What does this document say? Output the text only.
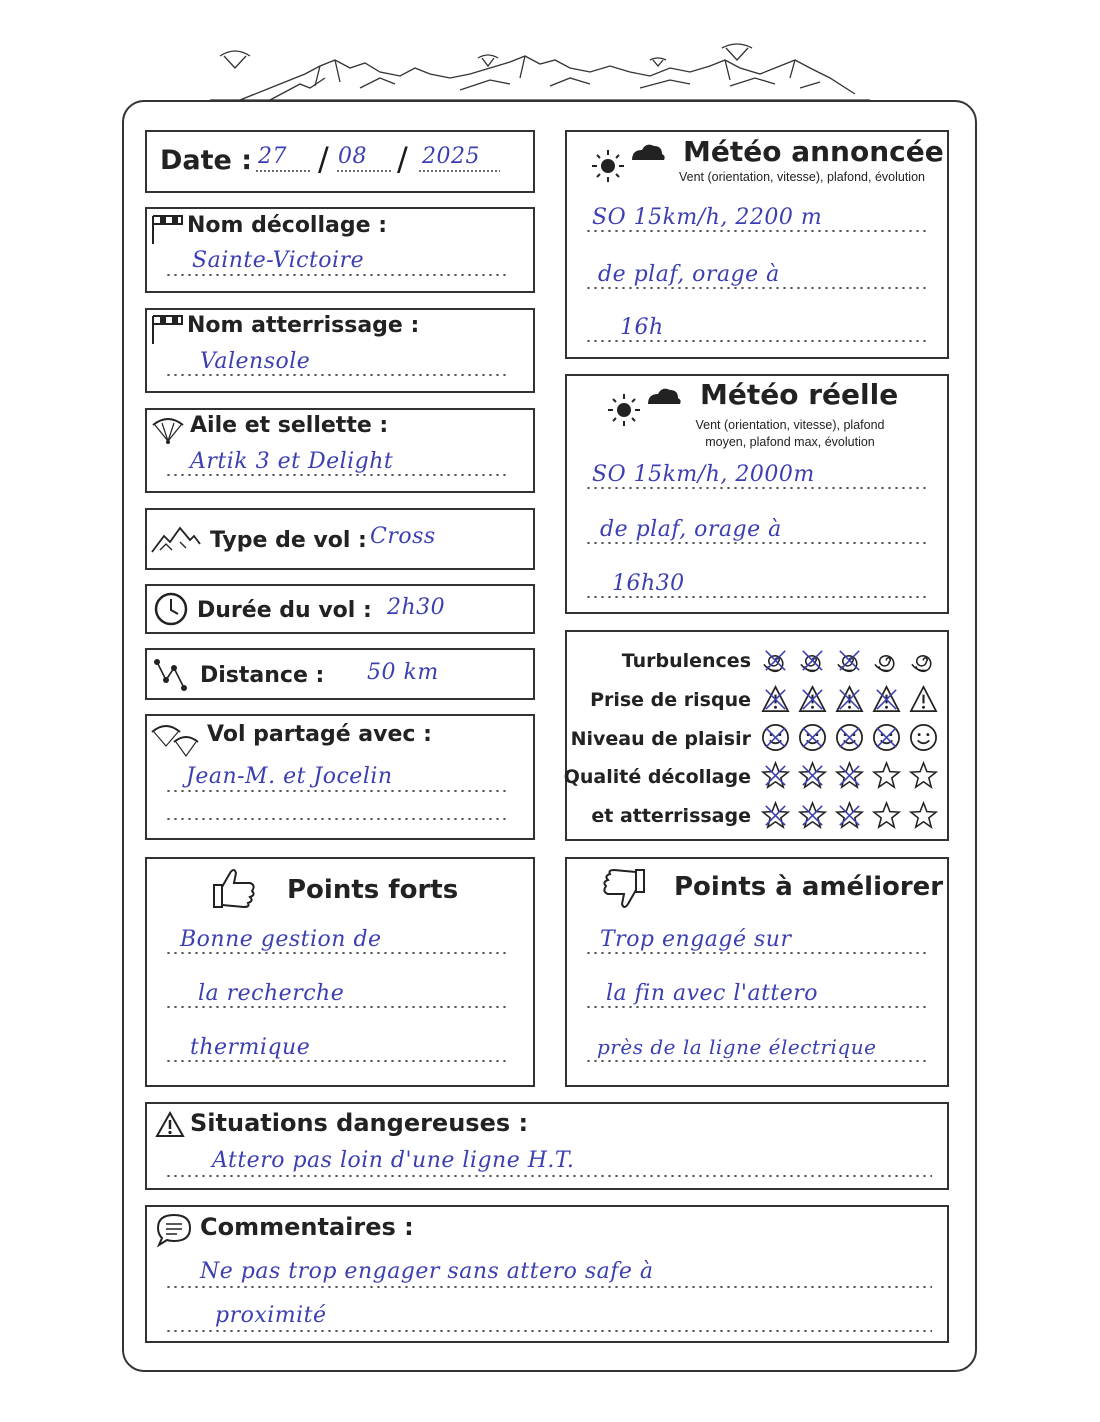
Date : 27 / 08 / 2025
Nom décollage :
Sainte-Victoire
Nom atterrissage :
Valensole
Aile et sellette :
Artik 3 et Delight
Type de vol : Cross
Durée du vol : 2h30
Distance : 50 km
Vol partagé avec :
Jean-M. et Jocelin
Météo annoncée
Vent (orientation, vitesse), plafond, évolution
SO 15km/h, 2200 m
de plaf, orage à
16h
Météo réelle
Vent (orientation, vitesse), plafond
moyen, plafond max, évolution
SO 15km/h, 2000m
de plaf, orage à
16h30
Turbulences
Prise de risque
Niveau de plaisir
Qualité décollage
et atterrissage
Points forts
Bonne gestion de
la recherche
thermique
Points à améliorer
Trop engagé sur
la fin avec l'attero
près de la ligne électrique
Situations dangereuses :
Attero pas loin d'une ligne H.T.
Commentaires :
Ne pas trop engager sans attero safe à
proximité
